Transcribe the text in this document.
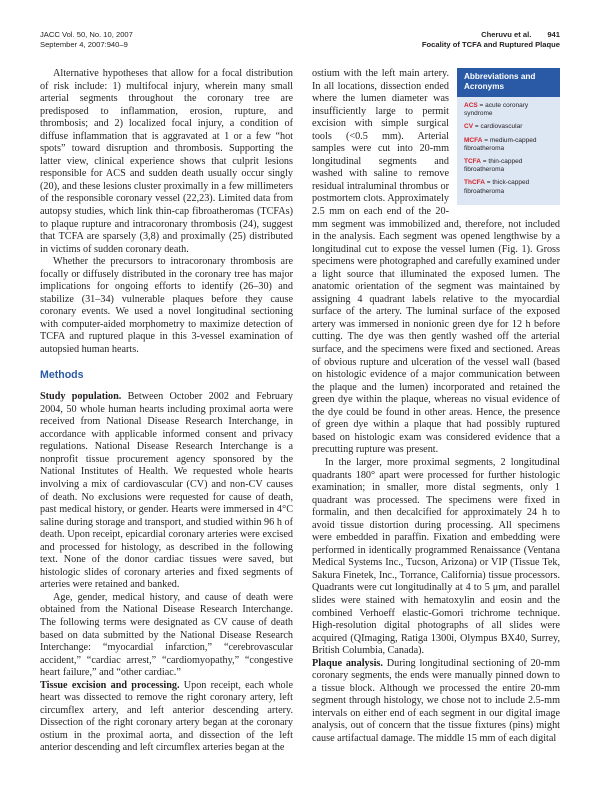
JACC Vol. 50, No. 10, 2007
September 4, 2007:940–9
Cheruvu et al. 941
Focality of TCFA and Ruptured Plaque

Alternative hypotheses that allow for a focal distribution of risk include: 1) multifocal injury, wherein many small arterial segments throughout the coronary tree are predisposed to inflammation, erosion, rupture, and thrombosis; and 2) localized focal injury, a condition of diffuse inflammation that is aggravated at 1 or a few “hot spots” toward disruption and thrombosis. Supporting the latter view, clinical experience shows that culprit lesions responsible for ACS and sudden death usually occur singly (20), and these lesions cluster proximally in a few millimeters of the responsible coronary vessel (22,23). Limited data from autopsy studies, which link thin-cap fibroatheromas (TCFAs) to plaque rupture and intracoronary thrombosis (24), suggest that TCFA are sparsely (3,8) and proximally (25) distributed in victims of sudden coronary death.

Whether the precursors to intracoronary thrombosis are focally or diffusely distributed in the coronary tree has major implications for ongoing efforts to identify (26–30) and stabilize (31–34) vulnerable plaques before they cause coronary events. We used a novel longitudinal sectioning with computer-aided morphometry to maximize detection of TCFA and ruptured plaque in this 3-vessel examination of autopsied human hearts.

Methods

Study population. Between October 2002 and February 2004, 50 whole human hearts including proximal aorta were received from National Disease Research Interchange, in accordance with applicable informed consent and privacy regulations. National Disease Research Interchange is a nonprofit tissue procurement agency sponsored by the National Institutes of Health. We requested whole hearts involving a mix of cardiovascular (CV) and non-CV causes of death. No exclusions were requested for cause of death, past medical history, or gender. Hearts were immersed in 4°C saline during storage and transport, and studied within 96 h of death. Upon receipt, epicardial coronary arteries were excised and processed for histology, as described in the following text. None of the donor cardiac tissues were saved, but histologic slides of coronary arteries and fixed segments of arteries were retained and banked.

Age, gender, medical history, and cause of death were obtained from the National Disease Research Interchange. The following terms were designated as CV cause of death based on data submitted by the National Disease Research Interchange: “myocardial infarction,” “cerebrovascular accident,” “cardiac arrest,” “cardiomyopathy,” “congestive heart failure,” and “other cardiac.”

Tissue excision and processing. Upon receipt, each whole heart was dissected to remove the right coronary artery, left circumflex artery, and left anterior descending artery. Dissection of the right coronary artery began at the coronary ostium in the proximal aorta, and dissection of the left anterior descending and left circumflex arteries began at the

Abbreviations and Acronyms
ACS = acute coronary syndrome
CV = cardiovascular
MCFA = medium-capped fibroatheroma
TCFA = thin-capped fibroatheroma
ThCFA = thick-capped fibroatheroma

ostium with the left main artery. In all locations, dissection ended where the lumen diameter was insufficiently large to permit excision with simple surgical tools (<0.5 mm). Arterial samples were cut into 20-mm longitudinal segments and washed with saline to remove residual intraluminal thrombus or postmortem clots. Approximately 2.5 mm on each end of the 20-mm segment was immobilized and, therefore, not included in the analysis. Each segment was opened lengthwise by a longitudinal cut to expose the vessel lumen (Fig. 1). Gross specimens were photographed and carefully examined under a light source that illuminated the exposed lumen. The anatomic orientation of the segment was maintained by assigning 4 quadrant labels relative to the myocardial surface of the artery. The luminal surface of the exposed artery was immersed in nonionic green dye for 12 h before cutting. The dye was then gently washed off the arterial surface, and the specimens were fixed and sectioned. Areas of obvious rupture and ulceration of the vessel wall (based on histologic evidence of a major communication between the plaque and the lumen) incorporated and retained the green dye within the plaque, whereas no visual evidence of the dye could be found in other areas. Hence, the presence of green dye within a plaque that had possibly ruptured based on histologic exam was considered evidence that a precutting rupture was present.

In the larger, more proximal segments, 2 longitudinal quadrants 180° apart were processed for further histologic examination; in smaller, more distal segments, only 1 quadrant was processed. The specimens were fixed in formalin, and then decalcified for approximately 24 h to avoid tissue distortion during processing. All specimens were embedded in paraffin. Fixation and embedding were performed in identically programmed Renaissance (Ventana Medical Systems Inc., Tucson, Arizona) or VIP (Tissue Tek, Sakura Finetek, Inc., Torrance, California) tissue processors. Quadrants were cut longitudinally at 4 to 5 μm, and parallel slides were stained with hematoxylin and eosin and the combined Verhoeff elastic-Gomori trichrome technique. High-resolution digital photographs of all slides were acquired (QImaging, Ratiga 1300i, Olympus BX40, Surrey, British Columbia, Canada).

Plaque analysis. During longitudinal sectioning of 20-mm coronary segments, the ends were manually pinned down to a tissue block. Although we processed the entire 20-mm segment through histology, we chose not to include 2.5-mm intervals on either end of each segment in our digital image analysis, out of concern that the tissue fixtures (pins) might cause artifactual damage. The middle 15 mm of each digital
